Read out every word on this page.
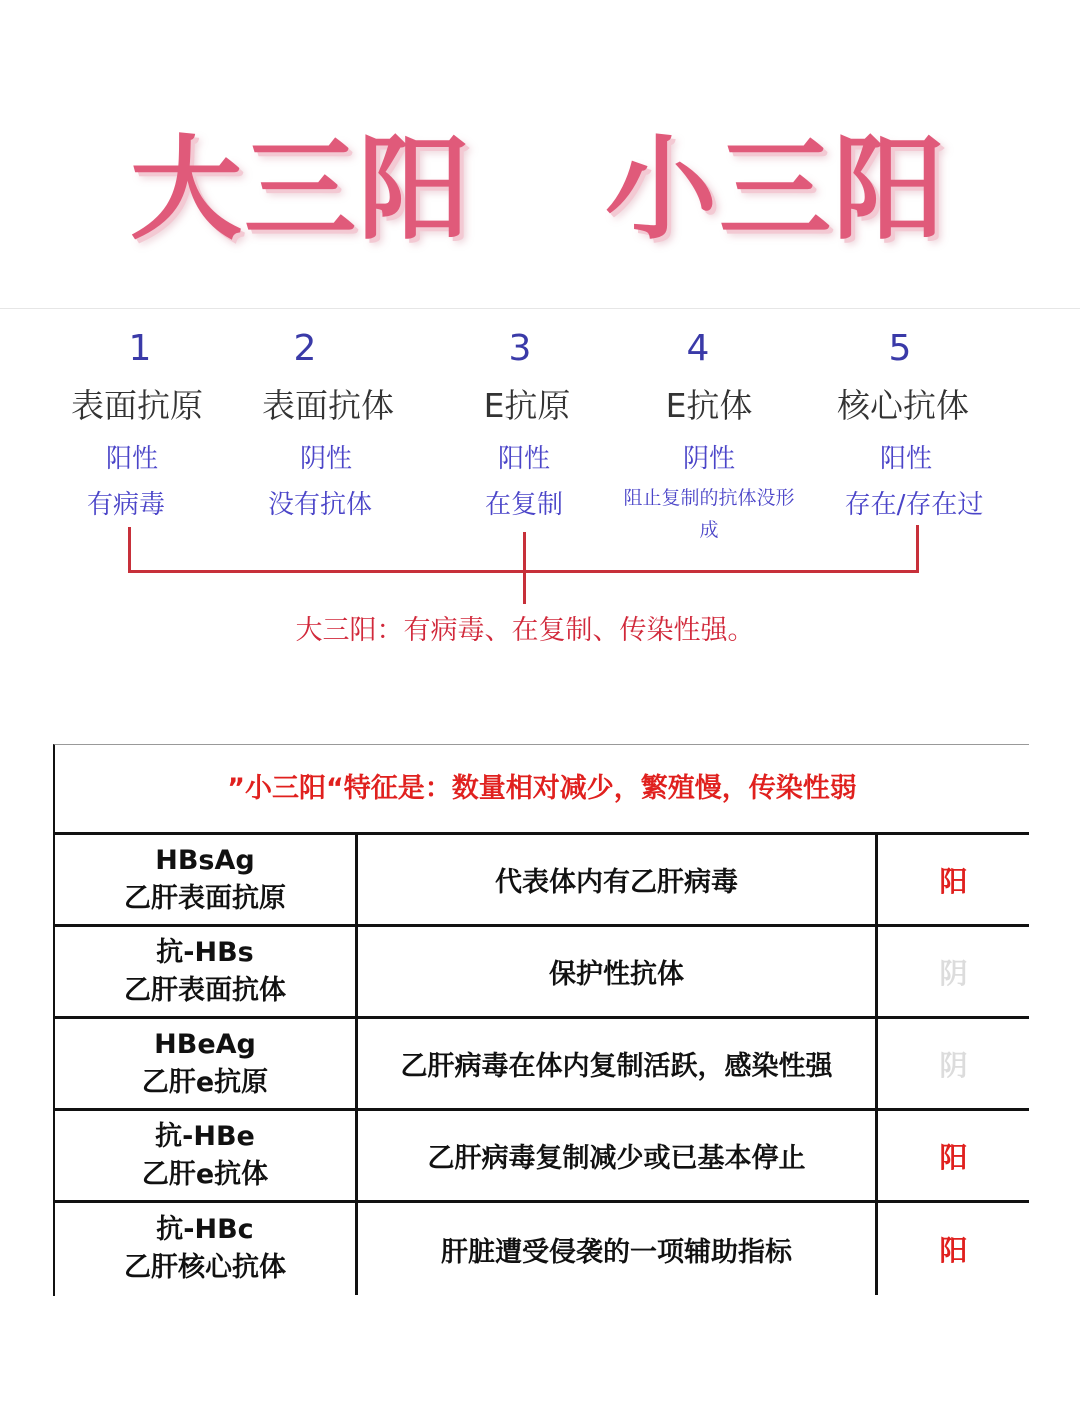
大三阳 小三阳
1
表面抗原
阳性
有病毒
2
表面抗体
阴性
没有抗体
3
E抗原
阳性
在复制
4
E抗体
阴性
阻止复制的抗体没形成
5
核心抗体
阳性
存在/存在过
大三阳：有病毒、在复制、传染性强。
”小三阳“特征是：数量相对减少，繁殖慢，传染性弱
HBsAg
乙肝表面抗原	代表体内有乙肝病毒	阳
抗-HBs
乙肝表面抗体	保护性抗体	阴
HBeAg
乙肝e抗原	乙肝病毒在体内复制活跃，感染性强	阴
抗-HBe
乙肝e抗体	乙肝病毒复制减少或已基本停止	阳
抗-HBc
乙肝核心抗体	肝脏遭受侵袭的一项辅助指标	阳
